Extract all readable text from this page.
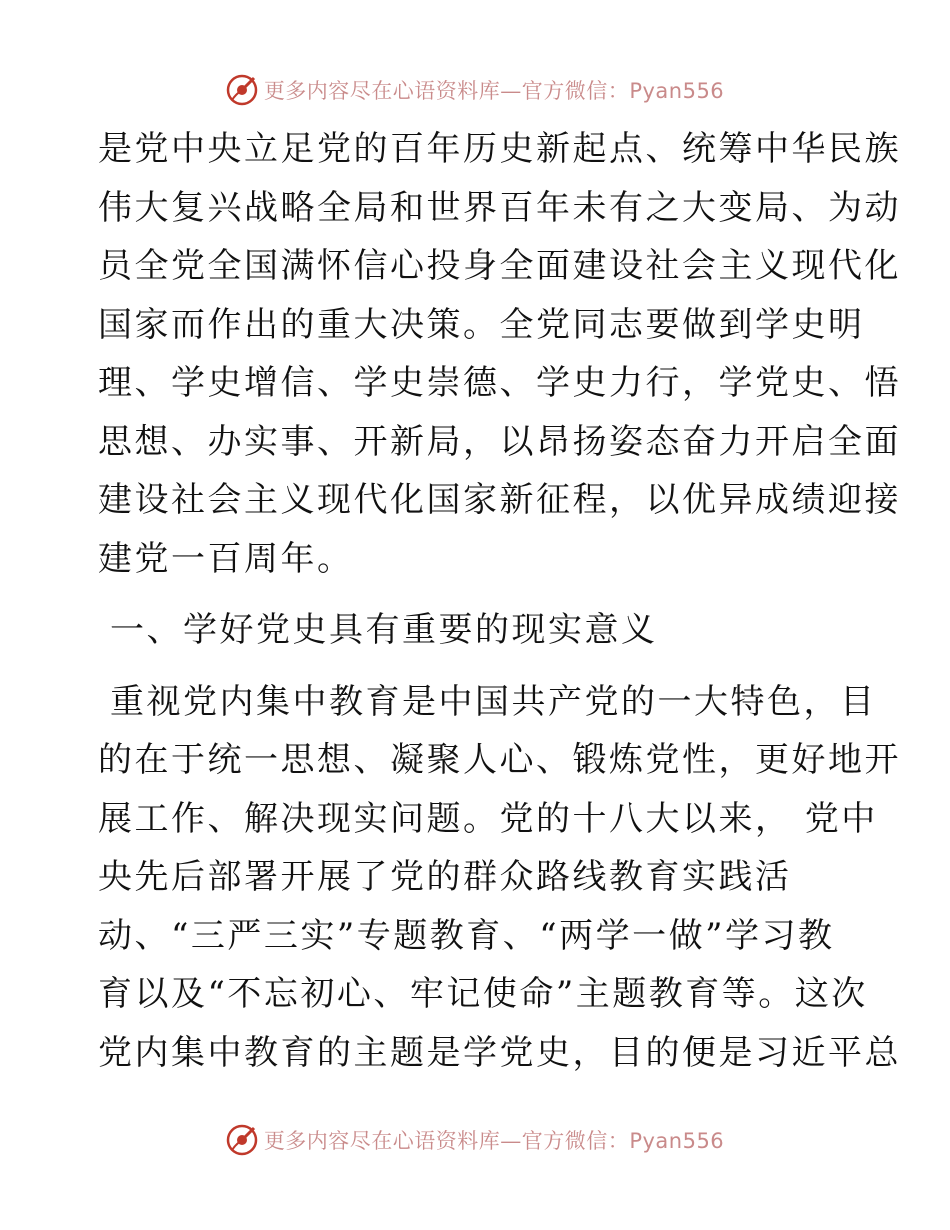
更多内容尽在心语资料库—官方微信：Pyan556
是党中央立足党的百年历史新起点、统筹中华民族
伟大复兴战略全局和世界百年未有之大变局、为动
员全党全国满怀信心投身全面建设社会主义现代化
国家而作出的重大决策。全党同志要做到学史明
理、学史增信、学史崇德、学史力行，学党史、悟
思想、办实事、开新局，以昂扬姿态奋力开启全面
建设社会主义现代化国家新征程，以优异成绩迎接
建党一百周年。
一、学好党史具有重要的现实意义
重视党内集中教育是中国共产党的一大特色，目
的在于统一思想、凝聚人心、锻炼党性，更好地开
展工作、解决现实问题。党的十八大以来， 党中
央先后部署开展了党的群众路线教育实践活
动、“三严三实”专题教育、“两学一做”学习教
育以及“不忘初心、牢记使命”主题教育等。这次
党内集中教育的主题是学党史，目的便是习近平总
更多内容尽在心语资料库—官方微信：Pyan556
